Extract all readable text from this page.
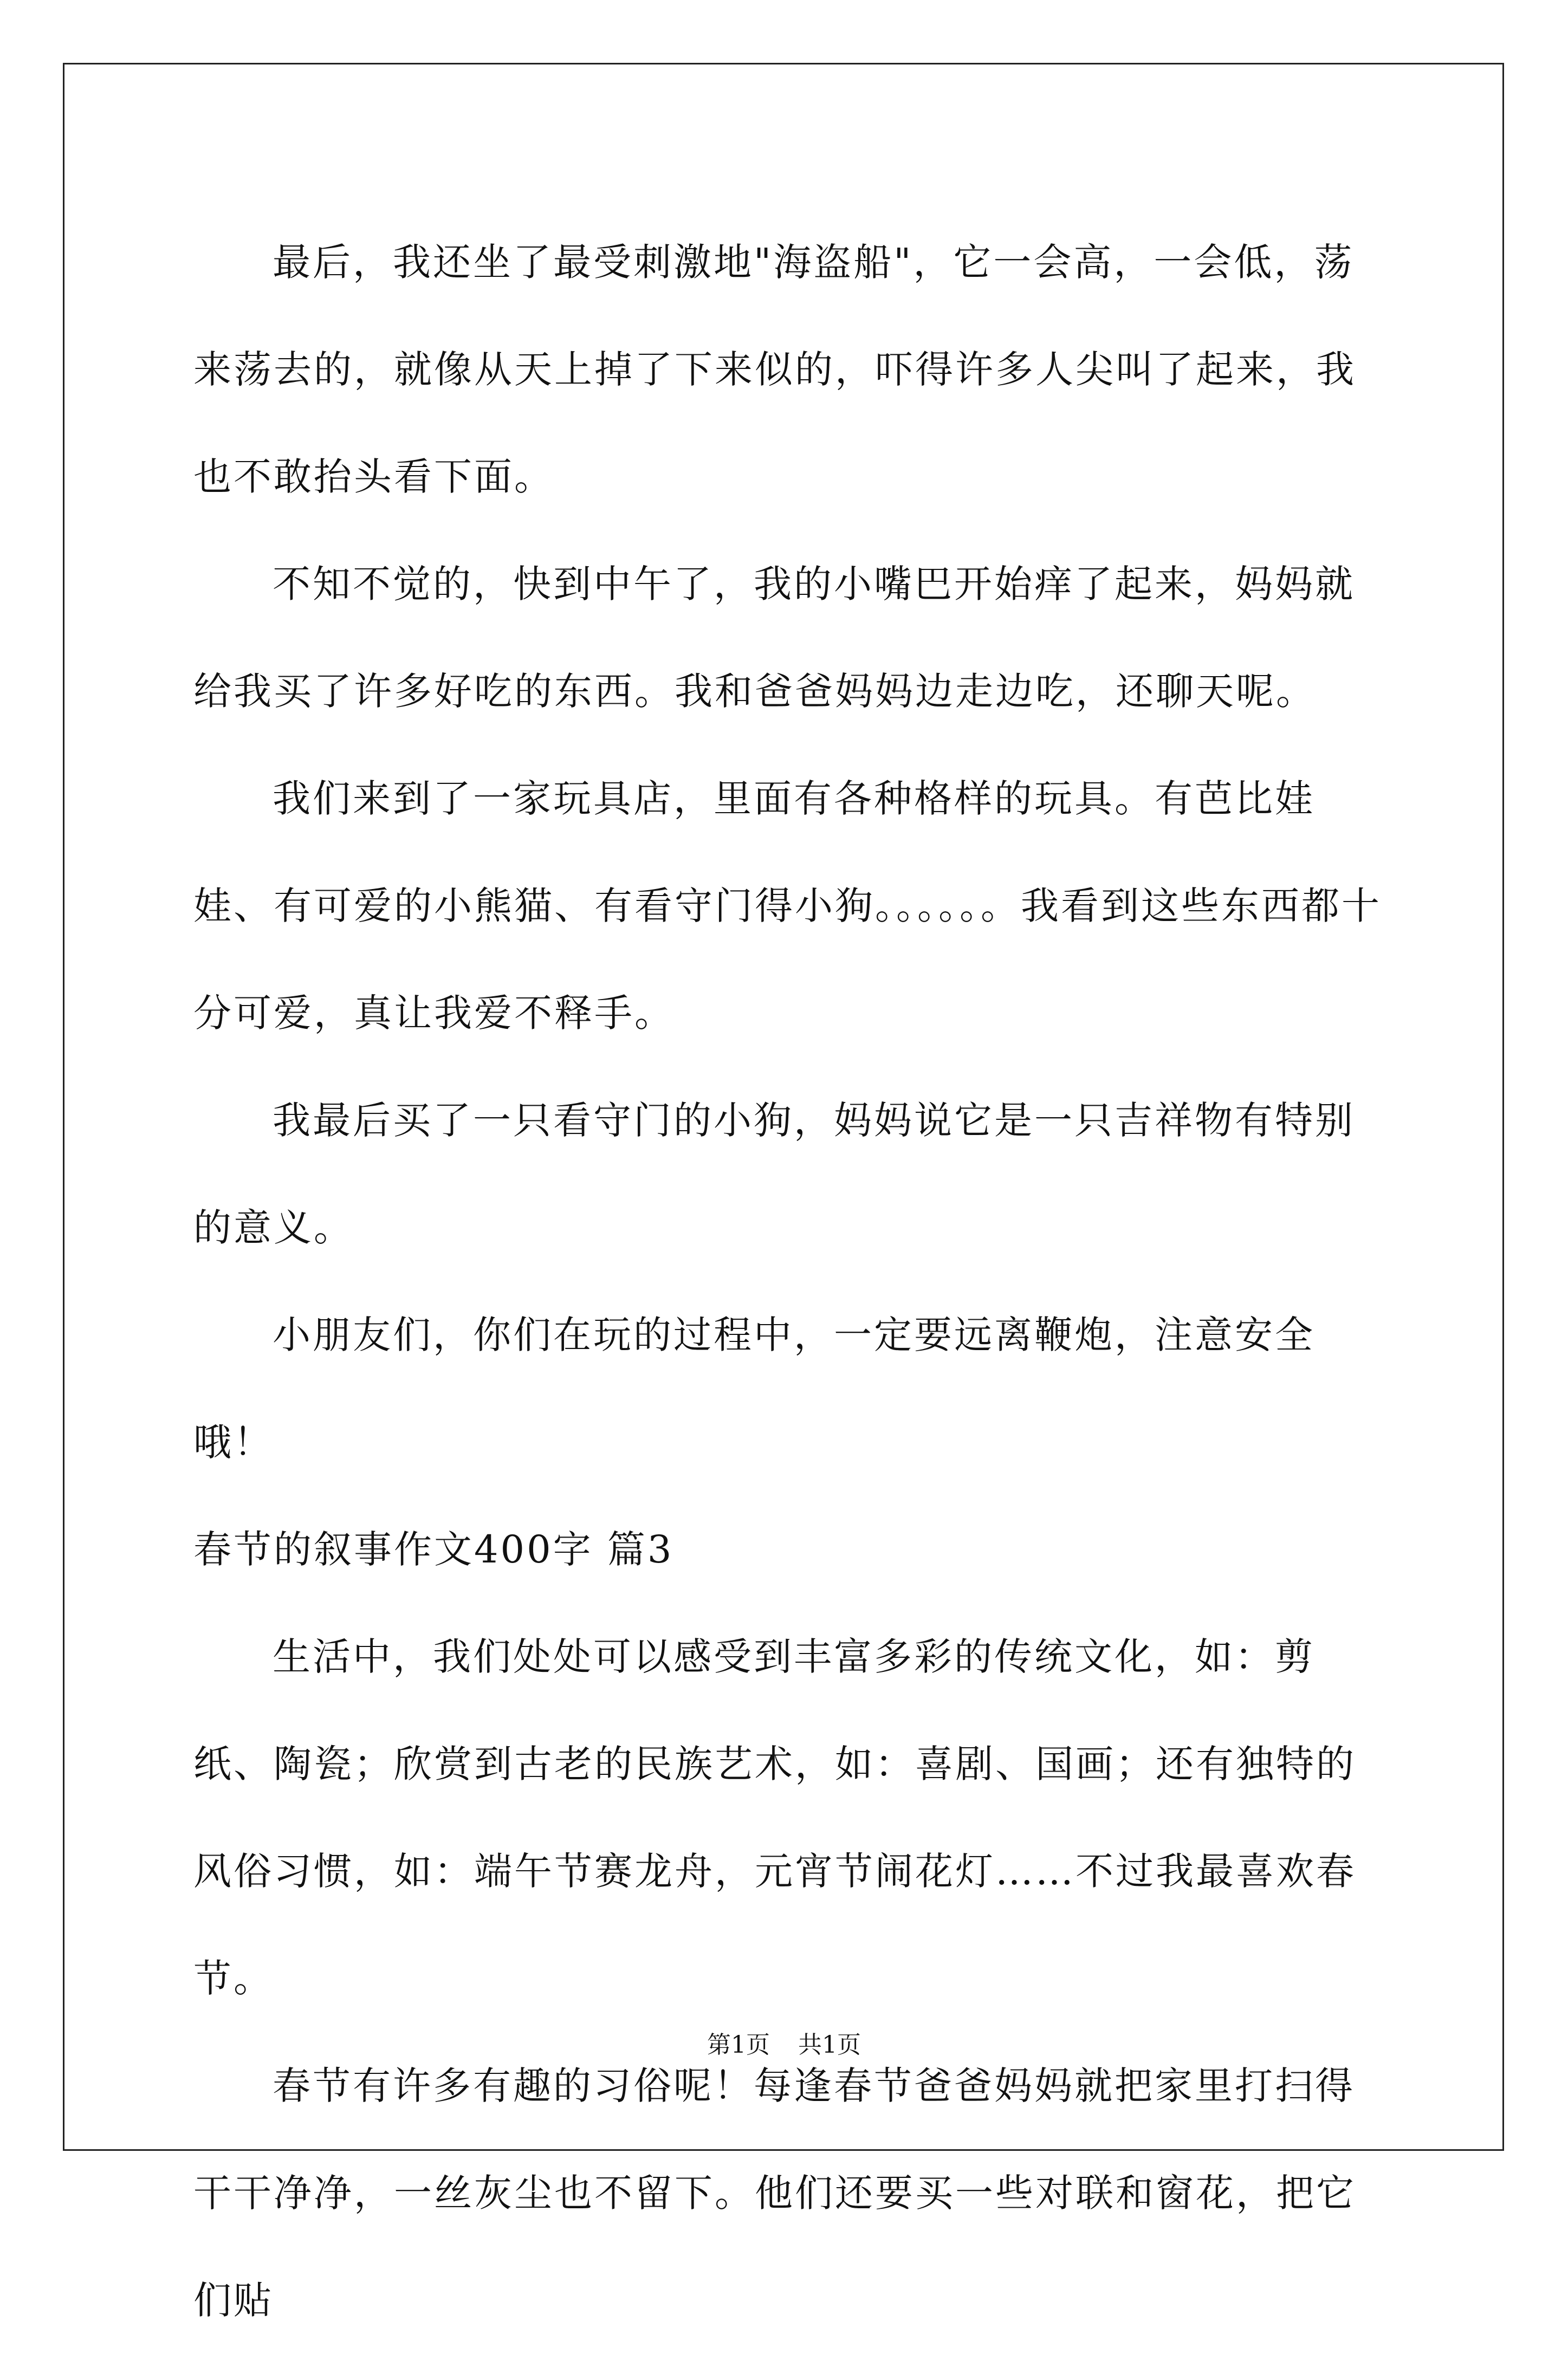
最后，我还坐了最受刺激地"海盗船"，它一会高，一会低，荡来荡去的，就像从天上掉了下来似的，吓得许多人尖叫了起来，我也不敢抬头看下面。

不知不觉的，快到中午了，我的小嘴巴开始痒了起来，妈妈就给我买了许多好吃的东西。我和爸爸妈妈边走边吃，还聊天呢。

我们来到了一家玩具店，里面有各种格样的玩具。有芭比娃娃、有可爱的小熊猫、有看守门得小狗。。。。。。我看到这些东西都十分可爱，真让我爱不释手。

我最后买了一只看守门的小狗，妈妈说它是一只吉祥物有特别的意义。

小朋友们，你们在玩的过程中，一定要远离鞭炮，注意安全哦！

春节的叙事作文400字 篇3

生活中，我们处处可以感受到丰富多彩的传统文化，如：剪纸、陶瓷；欣赏到古老的民族艺术，如：喜剧、国画；还有独特的风俗习惯，如：端午节赛龙舟，元宵节闹花灯……不过我最喜欢春节。

春节有许多有趣的习俗呢！每逢春节爸爸妈妈就把家里打扫得干干净净，一丝灰尘也不留下。他们还要买一些对联和窗花，把它们贴

第1页 共1页
